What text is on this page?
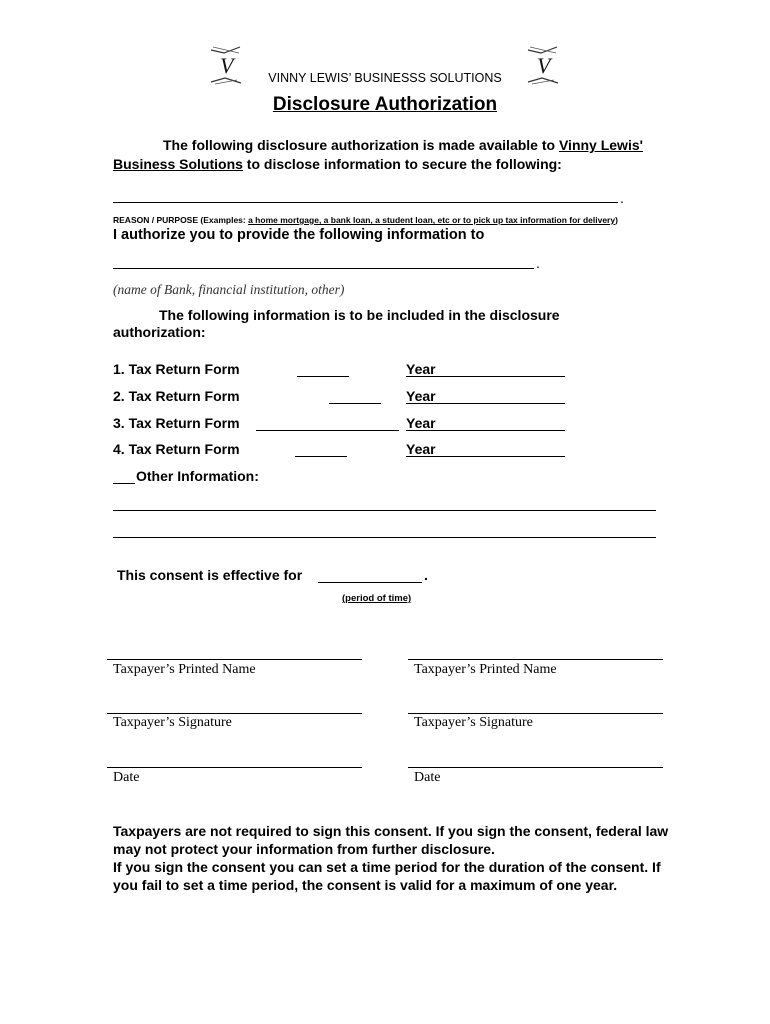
V	V
VINNY LEWIS’ BUSINESSS SOLUTIONS
Disclosure Authorization
The following disclosure authorization is made available to Vinny Lewis' Business Solutions to disclose information to secure the following:
.
REASON / PURPOSE (Examples: a home mortgage, a bank loan, a student loan, etc or to pick up tax information for delivery)
I authorize you to provide the following information to
.
(name of Bank, financial institution, other)
The following information is to be included in the disclosure authorization:
1. Tax Return Form	Year
2. Tax Return Form	Year
3. Tax Return Form	Year
4. Tax Return Form	Year
Other Information:
This consent is effective for	.
(period of time)
Taxpayer’s Printed Name	Taxpayer’s Printed Name
Taxpayer’s Signature	Taxpayer’s Signature
Date	Date

Taxpayers are not required to sign this consent. If you sign the consent, federal law may not protect your information from further disclosure.

If you sign the consent you can set a time period for the duration of the consent. If you fail to set a time period, the consent is valid for a maximum of one year.
